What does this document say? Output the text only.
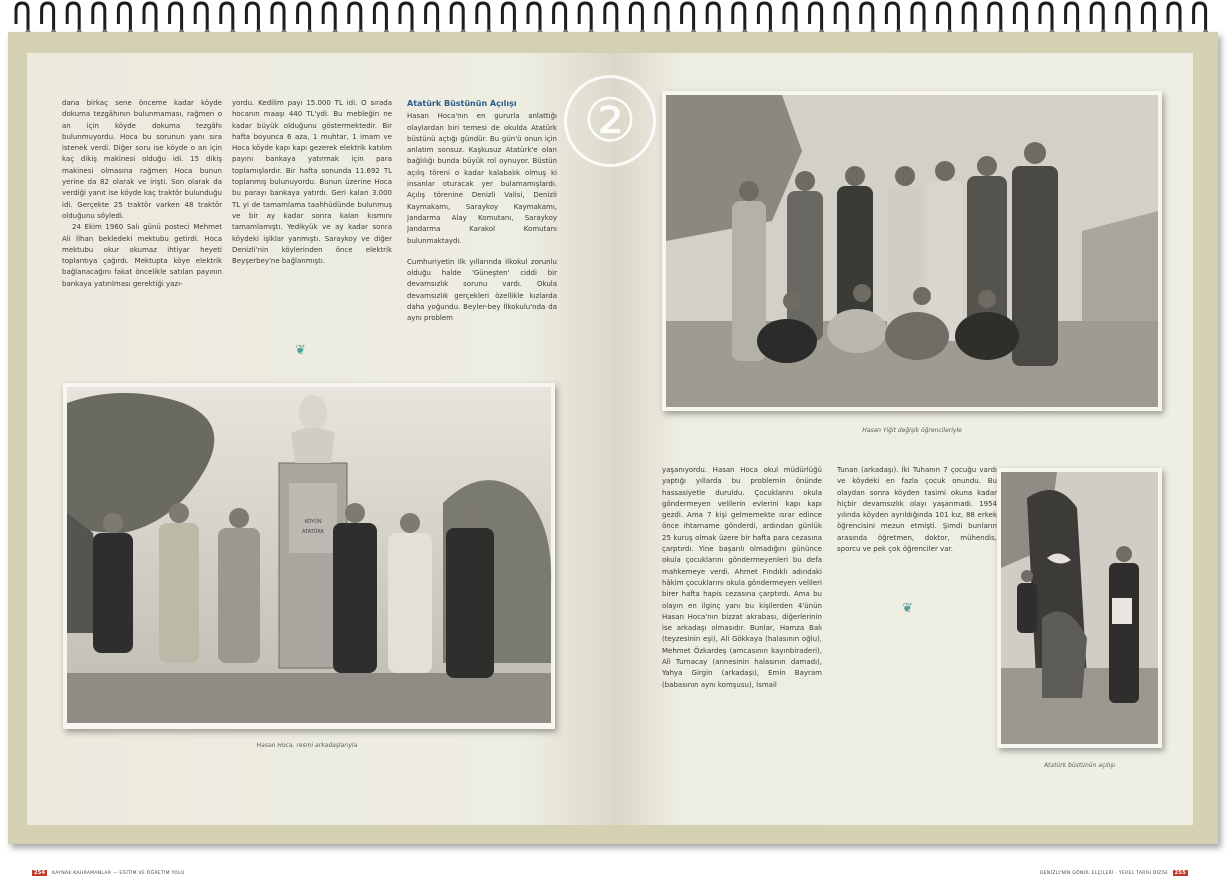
dana birkaç sene önceme kadar köyde dokuma tezgâhının bulunmaması, rağmen o an için köyde dokuma tezgâhı bulunmuyordu. Hoca bu sorunun yanı sıra istenek verdi. Diğer soru ise köyde o an için kaç dikiş makinesi olduğu idi. 15 dikiş makinesi olmasına rağmen Hoca bunun yerine da 82 olarak ve irişti. Son olarak da verdiği yanıt ise köyde kaç traktör bulunduğu idi. Gerçekte 25 traktör varken 48 traktör olduğunu söyledi.

24 Ekim 1960 Salı günü posteci Mehmet Ali İlhan bekledeki mektubu getirdi. Hoca mektubu okur okumaz ihtiyar heyeti toplantıya çağırdı. Mektupta köye elektrik bağlanacağını fakat öncelikle satılan payının bankaya yatırılması gerektiği yazı-

yordu. Kedilim payı 15.000 TL idi. O sırada hocanın maaşı 440 TL'ydi. Bu mebleğin ne kadar büyük olduğunu göstermektedir. Bir hafta boyunca 6 aza, 1 muhtar, 1 imam ve Hoca köyde kapı kapı gezerek elektrik katılım payını bankaya yatırmak için para toplamışlardır. Bir hafta sonunda 11.692 TL toplanmış bulunuyordu. Bunun üzerine Hoca bu parayı bankaya yatırdı. Geri kalan 3.000 TL yi de tamamlama taahhüdünde bulunmuş ve bir ay kadar sonra kalan kısmını tamamlamıştı. Yedikyük ve ay kadar sonra köydeki işiklar yanmıştı. Saraykoy ve diğer Denizli'nin köylerinden önce elektrik Beyşerbey'ne bağlanmıştı.

❦
Atatürk Büstünün Açılışı

Hasan Hoca'nın en gururla anlattığı olaylardan biri temesi de okulda Atatürk büstünü açtığı gündür. Bu gün'ü onun için anlatım sonsuz. Kaşkusuz Atatürk'e olan bağlılığı bunda büyük rol oynuyor. Büstün açılış töreni o kadar kalabalık olmuş ki insanlar oturacak yer bulamamışlardı. Açılış törenine Denizli Valisi, Denizli Kaymakamı, Saraykoy Kaymakamı, Jandarma Alay Komutanı, Saraykoy Jandarma Karakol Komutanı bulunmaktaydı.

Cumhuriyetin ilk yıllarında ilkokul zorunlu olduğu halde 'Güneşten' ciddi bir devamsızlık sorunu vardı. Okula devamsızlık gerçekleri özellikle kızlarda daha yoğundu. Beyler-bey İlkokulu'nda da aynı problem

KÖYÜN
ATATÜRK
Hasan Hoca, resmi arkadaşlarıyla
254 KAYNAK KAHRAMANLAR — EĞİTİM VE ÖĞRETİM YOLU
Hasan Yiğit değişik öğrencileriyle

yaşanıyordu. Hasan Hoca okul müdürlüğü yaptığı yıllarda bu problemin önünde hassasiyetle duruldu. Çocuklarını okula göndermeyen velilerin evlerini kapı kapı gezdi. Ama 7 kişi gelmemekte ısrar edince önce ihtarname gönderdi, ardından günlük 25 kuruş olmak üzere bir hafta para cezasına çarptırdı. Yine başarılı olmadığını gününce okula çocuklarını göndermeyenleri bu defa mahkemeye verdi. Ahmet Fındıklı adındaki hâkim çocuklarını okula göndermeyen velileri birer hafta hapis cezasına çarptırdı. Ama bu olayın en ilginç yanı bu kişilerden 4'ünün Hasan Hoca'nın bizzat akrabası, diğerlerinin ise arkadaşı olmasıdır. Bunlar, Hamza Balı (teyzesinin eşi), Ali Gökkaya (halasının oğlu), Mehmet Özkardeş (amcasının kayınbiraderi), Ali Turnacay (annesinin halasının damadı), Yahya Girgin (arkadaşı), Emin Bayram (babasının aynı komşusu), İsmail

Tunan (arkadaşı). İki Tuhanın 7 çocuğu vardı ve köydeki en fazla çocuk onundu. Bu olaydan sonra köyden tasimi okuna kadar hiçbir devamsızlık olayı yaşanmadı. 1954 yılında köyden ayrıldığında 101 kız, 88 erkek öğrencisini mezun etmişti. Şimdi bunların arasında öğretmen, doktor, mühendis, sporcu ve pek çok öğrenciler var.

❦
Atatürk büstünün açılışı
DENİZLİ'NİN GÖNÜL ELÇİLERİ · YEREL TARİH DİZİSİ 255
②
